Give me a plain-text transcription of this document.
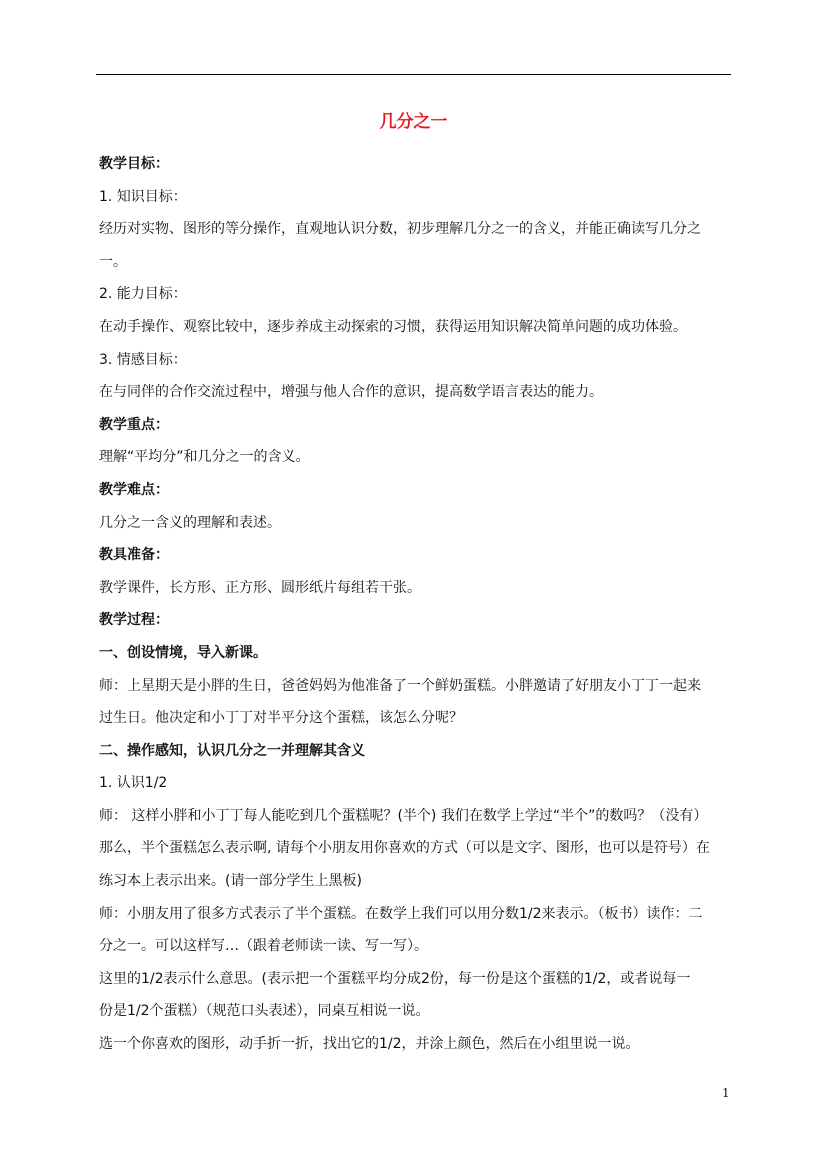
几分之一

教学目标：

1. 知识目标：

经历对实物、图形的等分操作，直观地认识分数，初步理解几分之一的含义，并能正确读写几分之

一。

2. 能力目标：

在动手操作、观察比较中，逐步养成主动探索的习惯，获得运用知识解决简单问题的成功体验。

3. 情感目标：

在与同伴的合作交流过程中，增强与他人合作的意识，提高数学语言表达的能力。

教学重点：

理解“平均分”和几分之一的含义。

教学难点：

几分之一含义的理解和表述。

教具准备：

教学课件，长方形、正方形、圆形纸片每组若干张。

教学过程：

一、创设情境，导入新课。

师：上星期天是小胖的生日，爸爸妈妈为他准备了一个鲜奶蛋糕。小胖邀请了好朋友小丁丁一起来

过生日。他决定和小丁丁对半平分这个蛋糕，该怎么分呢？

二、操作感知，认识几分之一并理解其含义

1. 认识1/2

师： 这样小胖和小丁丁每人能吃到几个蛋糕呢？(半个) 我们在数学上学过“半个”的数吗？（没有）

那么，半个蛋糕怎么表示啊, 请每个小朋友用你喜欢的方式（可以是文字、图形，也可以是符号）在

练习本上表示出来。(请一部分学生上黑板)

师：小朋友用了很多方式表示了半个蛋糕。在数学上我们可以用分数1/2来表示。（板书）读作：二

分之一。可以这样写…（跟着老师读一读、写一写）。

这里的1/2表示什么意思。(表示把一个蛋糕平均分成2份，每一份是这个蛋糕的1/2，或者说每一

份是1/2个蛋糕）（规范口头表述），同桌互相说一说。

选一个你喜欢的图形，动手折一折，找出它的1/2，并涂上颜色，然后在小组里说一说。

1
